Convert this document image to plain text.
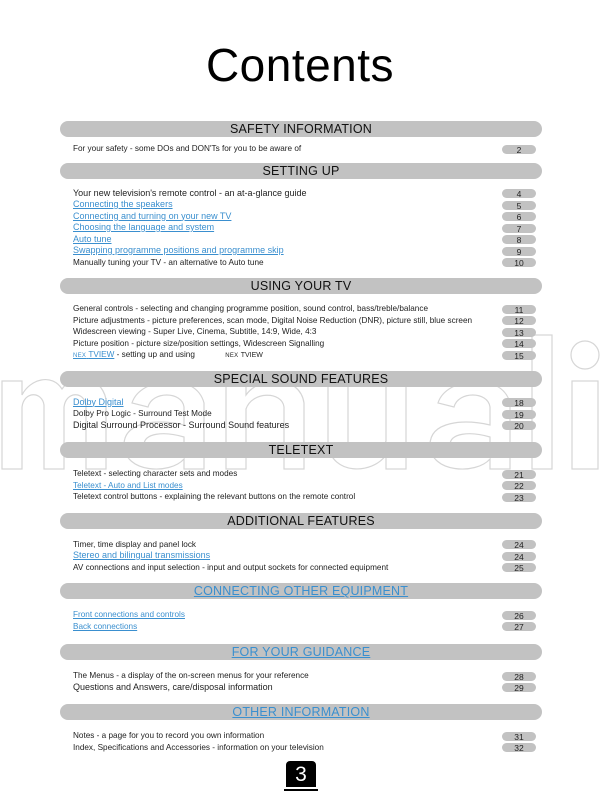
Contents
SAFETY INFORMATION
For your safety - some DOs and DON'Ts for you to be aware of	2
SETTING UP
Your new television's remote control - an at-a-glance guide	4
Connecting the speakers	5
Connecting and turning on your new TV	6
Choosing the language and system	7
Auto tune	8
Swapping programme positions and programme skip	9
Manually tuning your TV - an alternative to Auto tune	10
USING YOUR TV
General controls - selecting and changing programme position, sound control, bass/treble/balance	11
Picture adjustments - picture preferences, scan mode, Digital Noise Reduction (DNR), picture still, blue screen	12
Widescreen viewing - Super Live, Cinema, Subtitle, 14:9, Wide, 4:3	13
Picture position - picture size/position settings, Widescreen Signalling	14
NEX TVIEW - setting up and using	NEX TVIEW	15
SPECIAL SOUND FEATURES
Dolby Digital	18
Dolby Pro Logic - Surround Test Mode	19
Digital Surround Processor - Surround Sound features	20
TELETEXT
Teletext - selecting character sets and modes	21
Teletext - Auto and List modes	22
Teletext control buttons - explaining the relevant buttons on the remote control	23
ADDITIONAL FEATURES
Timer, time display and panel lock	24
Stereo and bilingual transmissions	24
AV connections and input selection - input and output sockets for connected equipment	25
CONNECTING OTHER EQUIPMENT
Front connections and controls	26
Back connections	27
FOR YOUR GUIDANCE
The Menus - a display of the on-screen menus for your reference	28
Questions and Answers, care/disposal information	29
OTHER INFORMATION
Notes - a page for you to record you own information	31
Index, Specifications and Accessories - information on your television	32
3
